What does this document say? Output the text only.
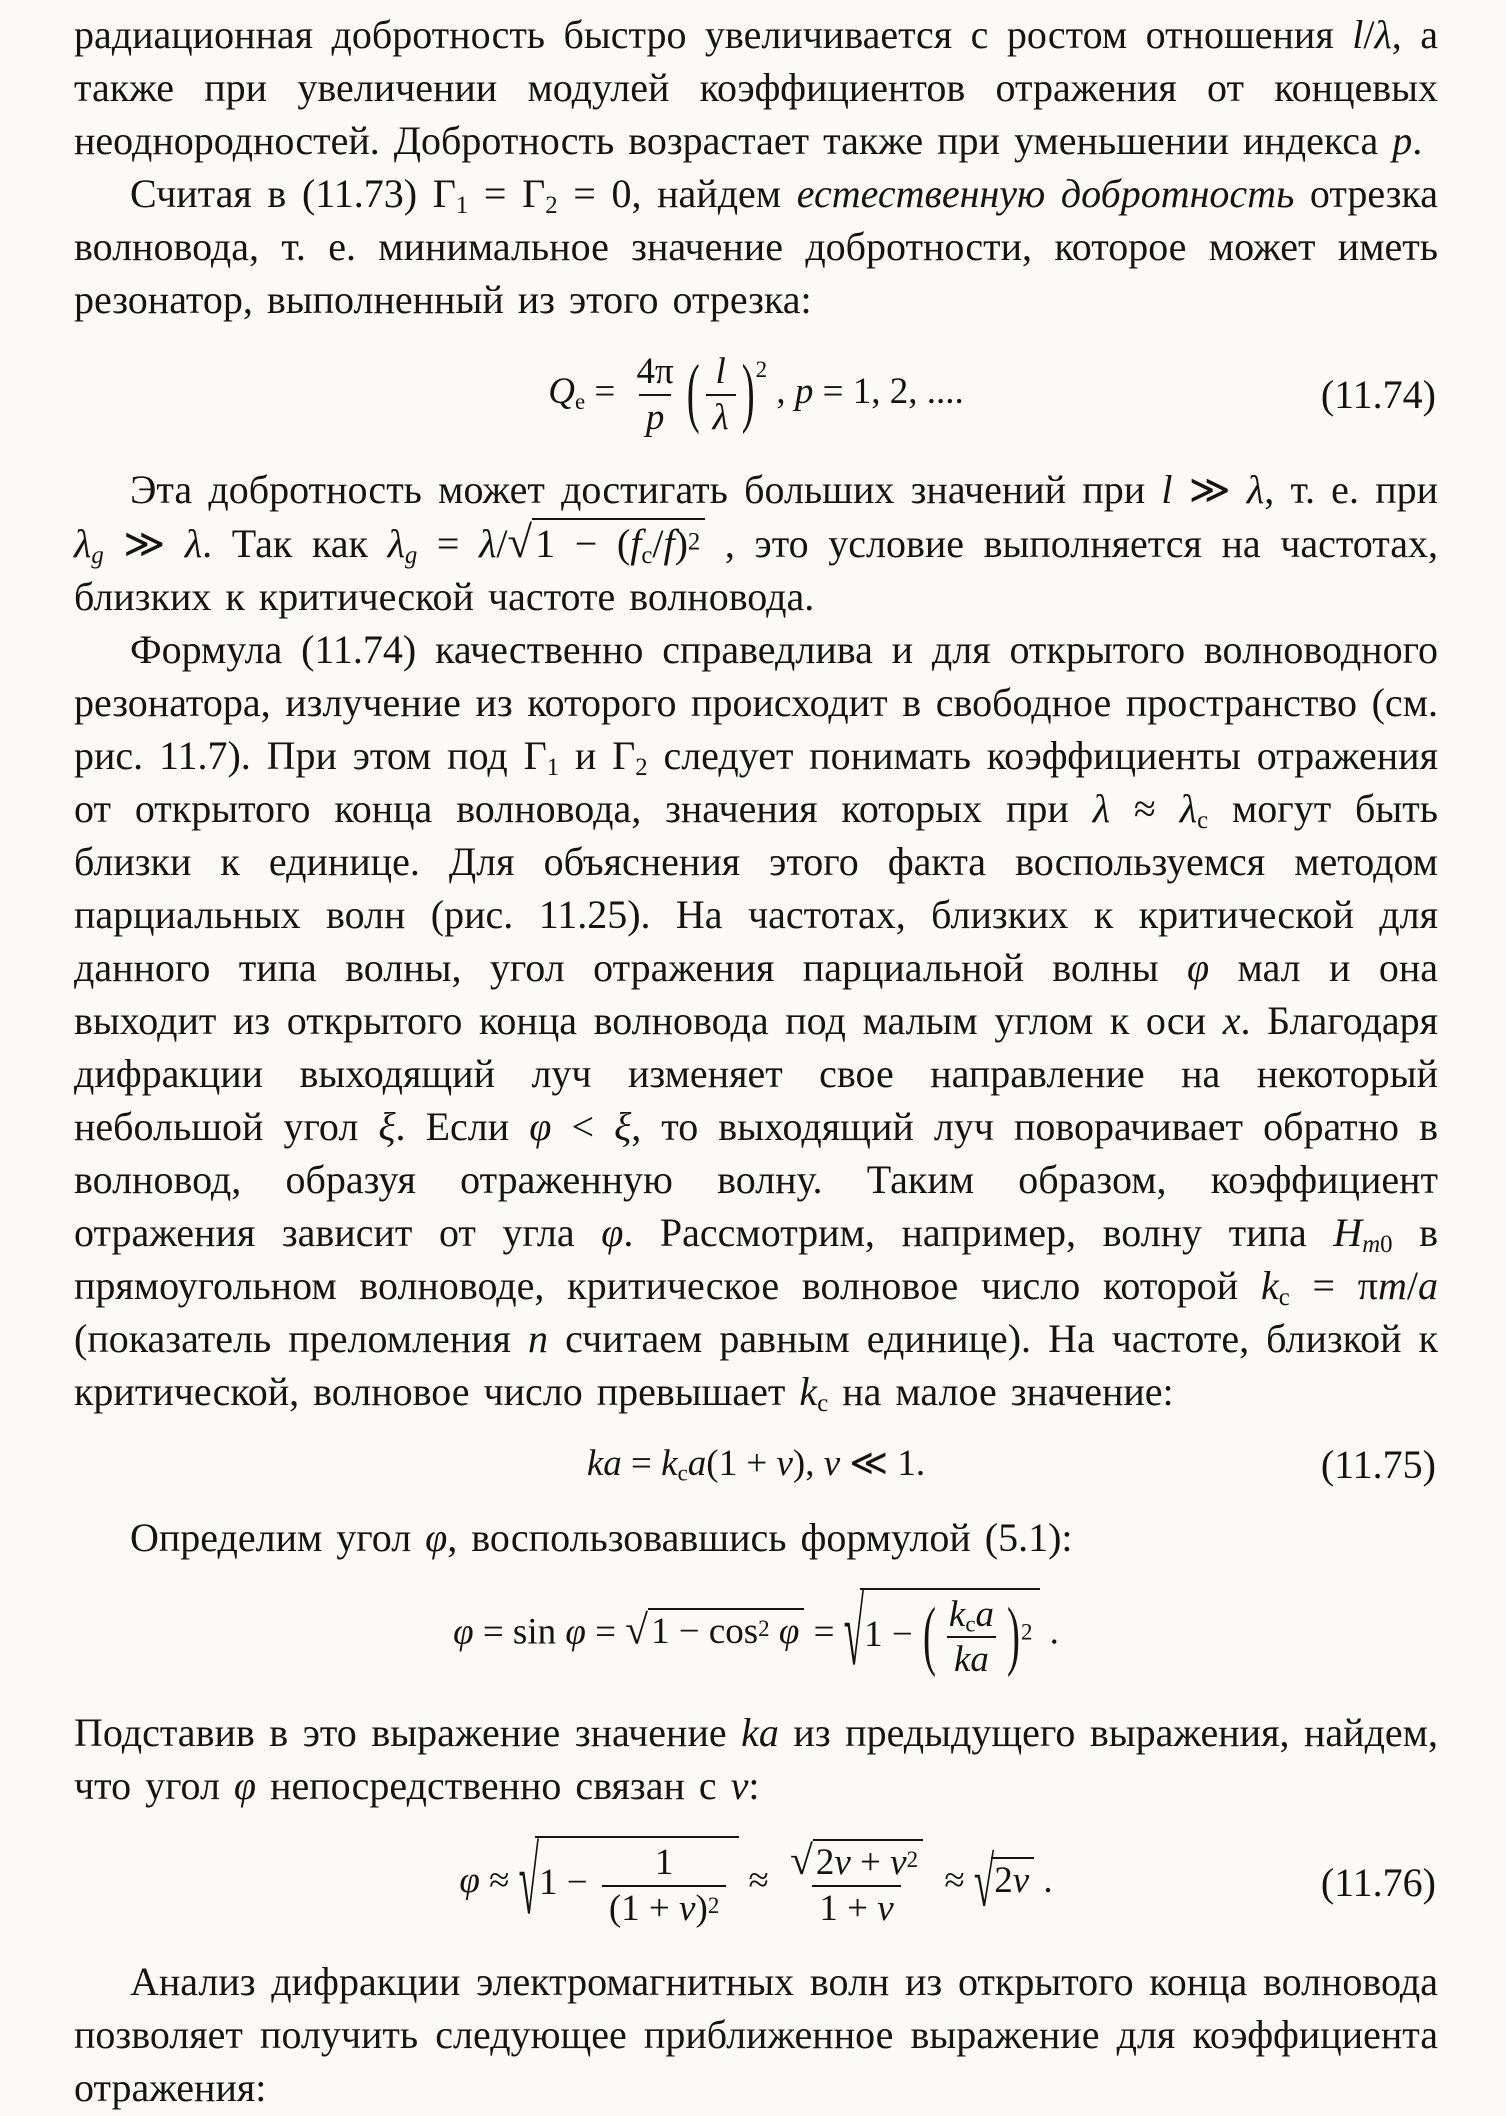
радиационная добротность быстро увеличивается с ростом отношения l/λ, а также при увеличении модулей коэффициентов отражения от концевых неоднородностей. Добротность возрастает также при уменьшении индекса p.

Считая в (11.73) $\Gamma_1 = \Gamma_2 = 0$, найдем естественную добротность отрезка волновода, т. е. минимальное значение добротности, которое может иметь резонатор, выполненный из этого отрезка:

$Q_e = \frac{4\pi}{p}$ ( $\frac{l}{\lambda} )^2$ , p = 1, 2, ....	(11.74)

Эта добротность может достигать больших значений при l ≫ λ, т. е. при $\lambda_g$ ≫ λ. Так как $\lambda_g = \lambda/√1 - (f_c/f)^2$ , это условие выполняется на частотах, близких к критической частоте волновода.

Формула (11.74) качественно справедлива и для открытого волноводного резонатора, излучение из которого происходит в свободное пространство (см. рис. 11.7). При этом под $\Gamma_1$ и $\Gamma_2$ следует понимать коэффициенты отражения от открытого конца волновода, значения которых при $\lambda \approx \lambda_c$ могут быть близки к единице. Для объяснения этого факта воспользуемся методом парциальных волн (рис. 11.25). На частотах, близких к критической для данного типа волны, угол отражения парциальной волны φ мал и она выходит из открытого конца волновода под малым углом к оси x. Благодаря дифракции выходящий луч изменяет свое направление на некоторый небольшой угол ξ. Если φ < ξ, то выходящий луч поворачивает обратно в волновод, образуя отраженную волну. Таким образом, коэффициент отражения зависит от угла φ. Рассмотрим, например, волну типа $H_{m0}$ в прямоугольном волноводе, критическое волновое число которой $k_c = \pi m/a$ (показатель преломления n считаем равным единице). На частоте, близкой к критической, волновое число превышает $k_c$ на малое значение:

ka = $k_ca(1 + \nu)$, ν ≪ 1.	(11.75)

Определим угол φ, воспользовавшись формулой (5.1):

$\varphi = \sin \varphi = √1 - \cos^2 \varphi = √1$ − ( $\frac{k_ca}{ka} )^2$ .

Подставив в это выражение значение ka из предыдущего выражения, найдем, что угол φ непосредственно связан с ν:

$\varphi \approx √1 - \frac{1}{(1 + \nu)^2} \approx \frac{√2\nu + \nu^2}{1 + \nu} \approx √2\nu$ .	(11.76)

Анализ дифракции электромагнитных волн из открытого конца волновода позволяет получить следующее приближенное выражение для коэффициента отражения:
